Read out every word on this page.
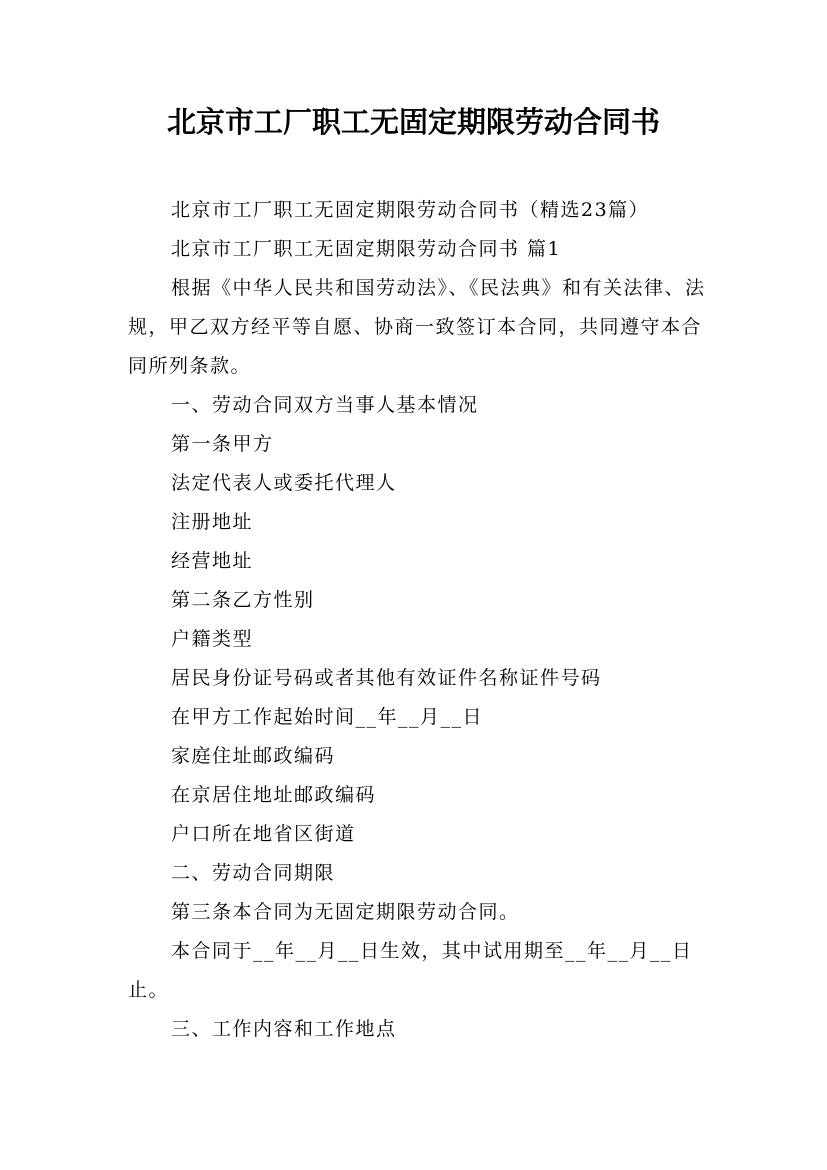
北京市工厂职工无固定期限劳动合同书

北京市工厂职工无固定期限劳动合同书（精选23篇）

北京市工厂职工无固定期限劳动合同书 篇1

根据《中华人民共和国劳动法》、《民法典》和有关法律、法规，甲乙双方经平等自愿、协商一致签订本合同，共同遵守本合同所列条款。

一、劳动合同双方当事人基本情况

第一条甲方

法定代表人或委托代理人

注册地址

经营地址

第二条乙方性别

户籍类型

居民身份证号码或者其他有效证件名称证件号码

在甲方工作起始时间__年__月__日

家庭住址邮政编码

在京居住地址邮政编码

户口所在地省区街道

二、劳动合同期限

第三条本合同为无固定期限劳动合同。

本合同于__年__月__日生效，其中试用期至__年__月__日止。

三、工作内容和工作地点
